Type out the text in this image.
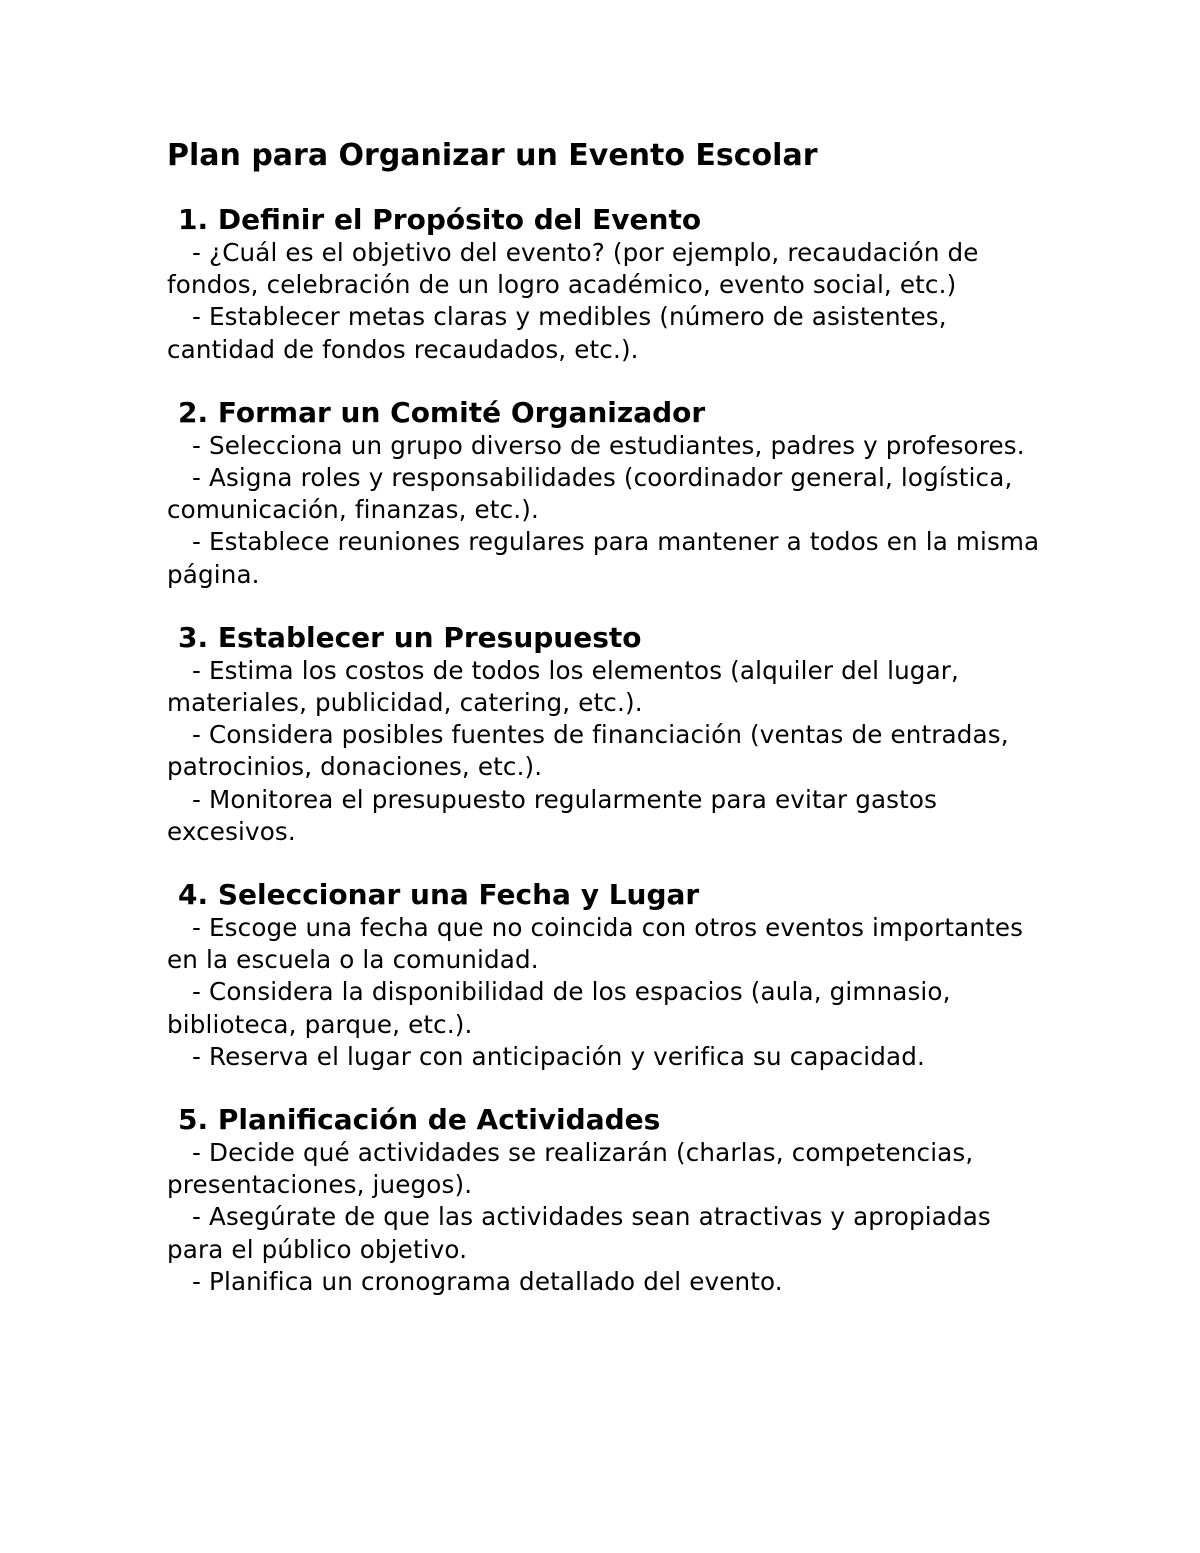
Plan para Organizar un Evento Escolar
1. Definir el Propósito del Evento

- ¿Cuál es el objetivo del evento? (por ejemplo, recaudación de fondos, celebración de un logro académico, evento social, etc.)

- Establecer metas claras y medibles (número de asistentes, cantidad de fondos recaudados, etc.).

2. Formar un Comité Organizador

- Selecciona un grupo diverso de estudiantes, padres y profesores.

- Asigna roles y responsabilidades (coordinador general, logística, comunicación, finanzas, etc.).

- Establece reuniones regulares para mantener a todos en la misma página.

3. Establecer un Presupuesto

- Estima los costos de todos los elementos (alquiler del lugar, materiales, publicidad, catering, etc.).

- Considera posibles fuentes de financiación (ventas de entradas, patrocinios, donaciones, etc.).

- Monitorea el presupuesto regularmente para evitar gastos excesivos.

4. Seleccionar una Fecha y Lugar

- Escoge una fecha que no coincida con otros eventos importantes en la escuela o la comunidad.

- Considera la disponibilidad de los espacios (aula, gimnasio, biblioteca, parque, etc.).

- Reserva el lugar con anticipación y verifica su capacidad.

5. Planificación de Actividades

- Decide qué actividades se realizarán (charlas, competencias, presentaciones, juegos).

- Asegúrate de que las actividades sean atractivas y apropiadas para el público objetivo.

- Planifica un cronograma detallado del evento.
